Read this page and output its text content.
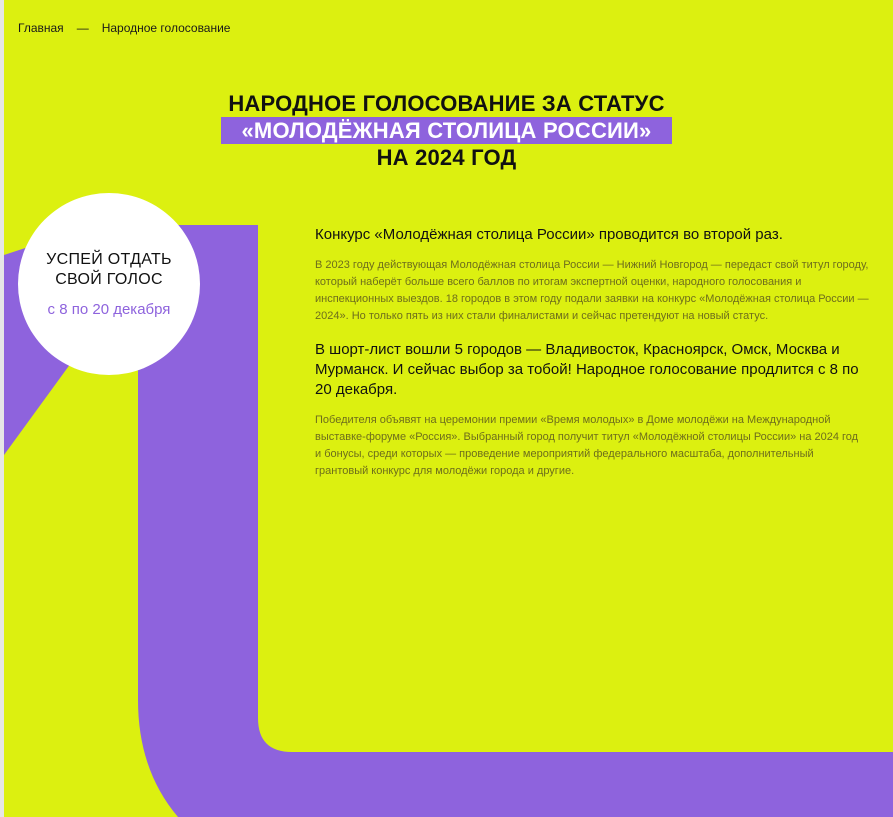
Главная — Народное голосование
НАРОДНОЕ ГОЛОСОВАНИЕ ЗА СТАТУС
«МОЛОДЁЖНАЯ СТОЛИЦА РОССИИ»
НА 2024 ГОД
УСПЕЙ ОТДАТЬ
СВОЙ ГОЛОС
с 8 по 20 декабря

Конкурс «Молодёжная столица России» проводится во второй раз.

В 2023 году действующая Молодёжная столица России — Нижний Новгород — передаст свой титул городу, который наберёт больше всего баллов по итогам экспертной оценки, народного голосования и инспекционных выездов. 18 городов в этом году подали заявки на конкурс «Молодёжная столица России — 2024». Но только пять из них стали финалистами и сейчас претендуют на новый статус.

В шорт-лист вошли 5 городов — Владивосток, Красноярск, Омск, Москва и Мурманск. И сейчас выбор за тобой! Народное голосование продлится с 8 по 20 декабря.

Победителя объявят на церемонии премии «Время молодых» в Доме молодёжи на Международной выставке-форуме «Россия». Выбранный город получит титул «Молодёжной столицы России» на 2024 год и бонусы, среди которых — проведение мероприятий федерального масштаба, дополнительный грантовый конкурс для молодёжи города и другие.
